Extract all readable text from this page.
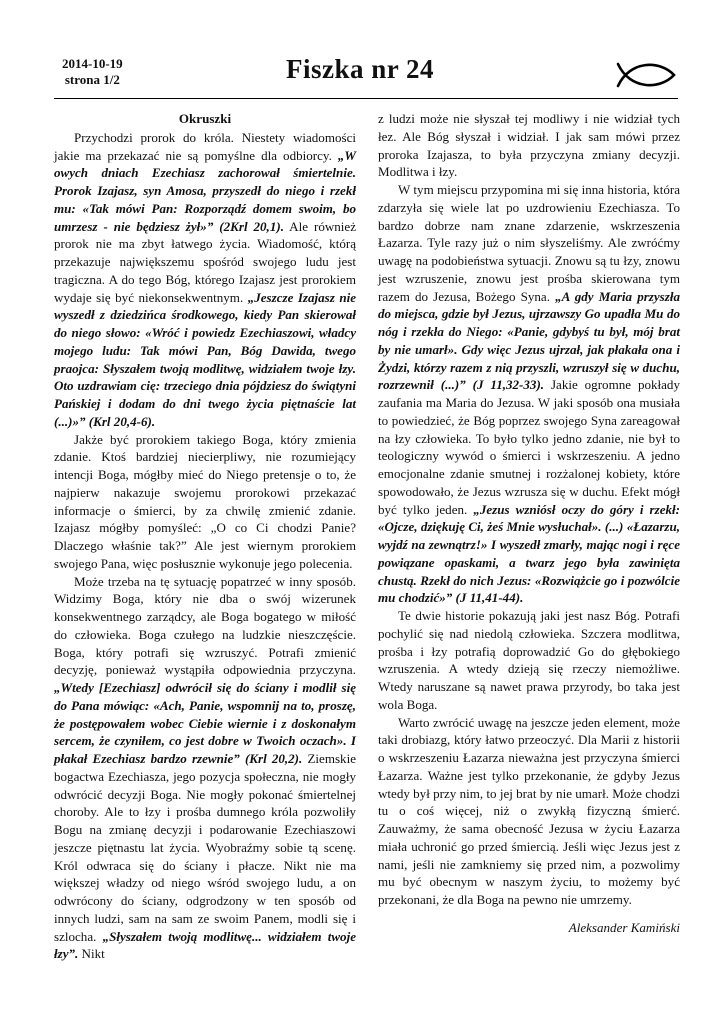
2014-10-19
strona 1/2	Fiszka nr 24
Okruszki

Przychodzi prorok do króla. Niestety wiadomości jakie ma przekazać nie są pomyślne dla odbiorcy. „W owych dniach Ezechiasz zachorował śmiertelnie. Prorok Izajasz, syn Amosa, przyszedł do niego i rzekł mu: «Tak mówi Pan: Rozporządź domem swoim, bo umrzesz - nie będziesz żył»” (2Krl 20,1). Ale również prorok nie ma zbyt łatwego życia. Wiadomość, którą przekazuje największemu spośród swojego ludu jest tragiczna. A do tego Bóg, którego Izajasz jest prorokiem wydaje się być niekonsekwentnym. „Jeszcze Izajasz nie wyszedł z dziedzińca środkowego, kiedy Pan skierował do niego słowo: «Wróć i powiedz Ezechiaszowi, władcy mojego ludu: Tak mówi Pan, Bóg Dawida, twego praojca: Słyszałem twoją modlitwę, widziałem twoje łzy. Oto uzdrawiam cię: trzeciego dnia pójdziesz do świątyni Pańskiej i dodam do dni twego życia piętnaście lat (...)»” (Krl 20,4-6).

Jakże być prorokiem takiego Boga, który zmienia zdanie. Ktoś bardziej niecierpliwy, nie rozumiejący intencji Boga, mógłby mieć do Niego pretensje o to, że najpierw nakazuje swojemu prorokowi przekazać informacje o śmierci, by za chwilę zmienić zdanie. Izajasz mógłby pomyśleć: „O co Ci chodzi Panie? Dlaczego właśnie tak?” Ale jest wiernym prorokiem swojego Pana, więc posłusznie wykonuje jego polecenia.

Może trzeba na tę sytuację popatrzeć w inny sposób. Widzimy Boga, który nie dba o swój wizerunek konsekwentnego zarządcy, ale Boga bogatego w miłość do człowieka. Boga czułego na ludzkie nieszczęście. Boga, który potrafi się wzruszyć. Potrafi zmienić decyzję, ponieważ wystąpiła odpowiednia przyczyna. „Wtedy [Ezechiasz] odwrócił się do ściany i modlił się do Pana mówiąc: «Ach, Panie, wspomnij na to, proszę, że postępowałem wobec Ciebie wiernie i z doskonałym sercem, że czyniłem, co jest dobre w Twoich oczach». I płakał Ezechiasz bardzo rzewnie” (Krl 20,2). Ziemskie bogactwa Ezechiasza, jego pozycja społeczna, nie mogły odwrócić decyzji Boga. Nie mogły pokonać śmiertelnej choroby. Ale to łzy i prośba dumnego króla pozwoliły Bogu na zmianę decyzji i podarowanie Ezechiaszowi jeszcze piętnastu lat życia. Wyobraźmy sobie tą scenę. Król odwraca się do ściany i płacze. Nikt nie ma większej władzy od niego wśród swojego ludu, a on odwrócony do ściany, odgrodzony w ten sposób od innych ludzi, sam na sam ze swoim Panem, modli się i szlocha. „Słyszałem twoją modlitwę... widziałem twoje łzy”. Nikt

z ludzi może nie słyszał tej modliwy i nie widział tych łez. Ale Bóg słyszał i widział. I jak sam mówi przez proroka Izajasza, to była przyczyna zmiany decyzji. Modlitwa i łzy.

W tym miejscu przypomina mi się inna historia, która zdarzyła się wiele lat po uzdrowieniu Ezechiasza. To bardzo dobrze nam znane zdarzenie, wskrzeszenia Łazarza. Tyle razy już o nim słyszeliśmy. Ale zwróćmy uwagę na podobieństwa sytuacji. Znowu są tu łzy, znowu jest wzruszenie, znowu jest prośba skierowana tym razem do Jezusa, Bożego Syna. „A gdy Maria przyszła do miejsca, gdzie był Jezus, ujrzawszy Go upadła Mu do nóg i rzekła do Niego: «Panie, gdybyś tu był, mój brat by nie umarł». Gdy więc Jezus ujrzał, jak płakała ona i Żydzi, którzy razem z nią przyszli, wzruszył się w duchu, rozrzewnił (...)” (J 11,32-33). Jakie ogromne pokłady zaufania ma Maria do Jezusa. W jaki sposób ona musiała to powiedzieć, że Bóg poprzez swojego Syna zareagował na łzy człowieka. To było tylko jedno zdanie, nie był to teologiczny wywód o śmierci i wskrzeszeniu. A jedno emocjonalne zdanie smutnej i rozżalonej kobiety, które spowodowało, że Jezus wzrusza się w duchu. Efekt mógł być tylko jeden. „Jezus wzniósł oczy do góry i rzekł: «Ojcze, dziękuję Ci, żeś Mnie wysłuchał». (...) «Łazarzu, wyjdź na zewnątrz!» I wyszedł zmarły, mając nogi i ręce powiązane opaskami, a twarz jego była zawinięta chustą. Rzekł do nich Jezus: «Rozwiążcie go i pozwólcie mu chodzić»” (J 11,41-44).

Te dwie historie pokazują jaki jest nasz Bóg. Potrafi pochylić się nad niedolą człowieka. Szczera modlitwa, prośba i łzy potrafią doprowadzić Go do głębokiego wzruszenia. A wtedy dzieją się rzeczy niemożliwe. Wtedy naruszane są nawet prawa przyrody, bo taka jest wola Boga.

Warto zwrócić uwagę na jeszcze jeden element, może taki drobiazg, który łatwo przeoczyć. Dla Marii z historii o wskrzeszeniu Łazarza nieważna jest przyczyna śmierci Łazarza. Ważne jest tylko przekonanie, że gdyby Jezus wtedy był przy nim, to jej brat by nie umarł. Może chodzi tu o coś więcej, niż o zwykłą fizyczną śmierć. Zauważmy, że sama obecność Jezusa w życiu Łazarza miała uchronić go przed śmiercią. Jeśli więc Jezus jest z nami, jeśli nie zamkniemy się przed nim, a pozwolimy mu być obecnym w naszym życiu, to możemy być przekonani, że dla Boga na pewno nie umrzemy.

Aleksander Kamiński
